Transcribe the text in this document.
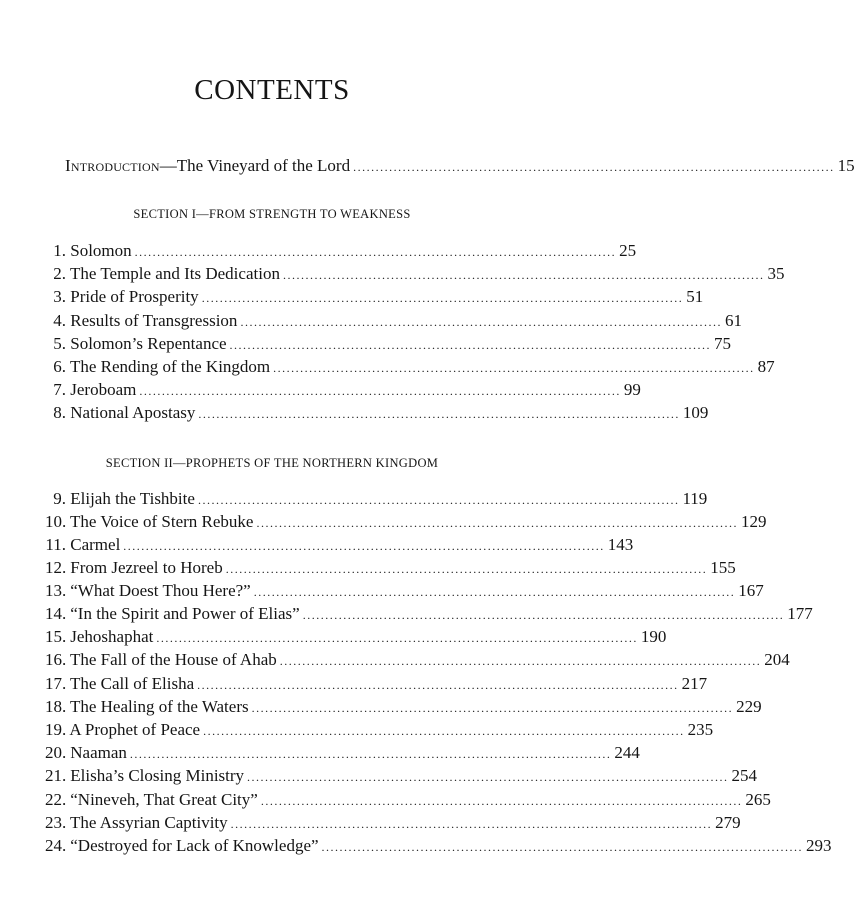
CONTENTS
Introduction—The Vineyard of the Lord ........................................................................................................... 15
SECTION I—FROM STRENGTH TO WEAKNESS
1. Solomon ........................................................................................................... 25
2. The Temple and Its Dedication ........................................................................................................... 35
3. Pride of Prosperity ........................................................................................................... 51
4. Results of Transgression ........................................................................................................... 61
5. Solomon’s Repentance ........................................................................................................... 75
6. The Rending of the Kingdom ........................................................................................................... 87
7. Jeroboam ........................................................................................................... 99
8. National Apostasy ........................................................................................................... 109
SECTION II—PROPHETS OF THE NORTHERN KINGDOM
9. Elijah the Tishbite ........................................................................................................... 119
10. The Voice of Stern Rebuke ........................................................................................................... 129
11. Carmel ........................................................................................................... 143
12. From Jezreel to Horeb ........................................................................................................... 155
13. “What Doest Thou Here?” ........................................................................................................... 167
14. “In the Spirit and Power of Elias” ........................................................................................................... 177
15. Jehoshaphat ........................................................................................................... 190
16. The Fall of the House of Ahab ........................................................................................................... 204
17. The Call of Elisha ........................................................................................................... 217
18. The Healing of the Waters ........................................................................................................... 229
19. A Prophet of Peace ........................................................................................................... 235
20. Naaman ........................................................................................................... 244
21. Elisha’s Closing Ministry ........................................................................................................... 254
22. “Nineveh, That Great City” ........................................................................................................... 265
23. The Assyrian Captivity ........................................................................................................... 279
24. “Destroyed for Lack of Knowledge” ........................................................................................................... 293
